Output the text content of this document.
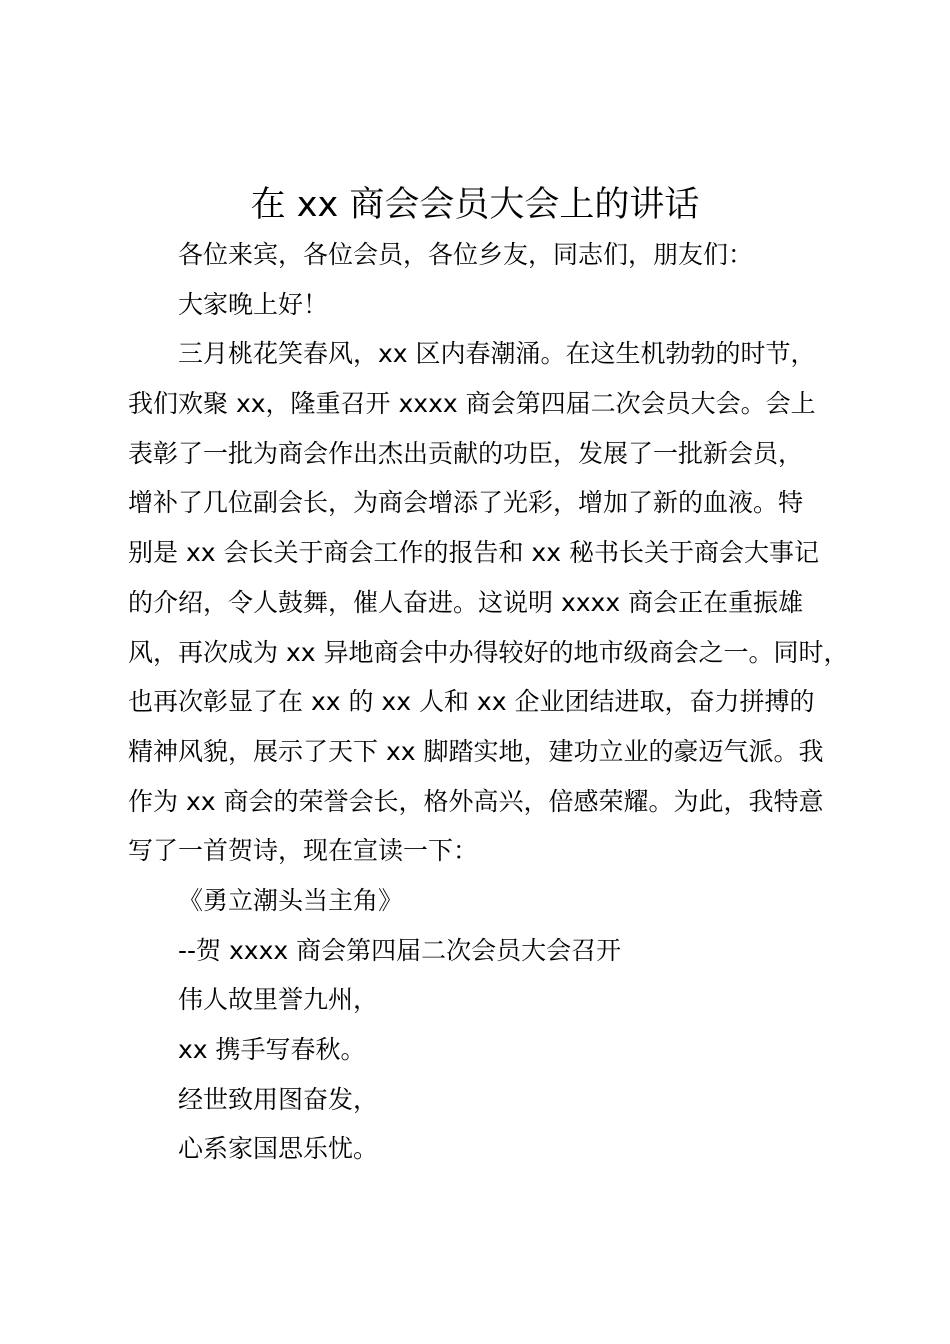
在 xx 商会会员大会上的讲话
各位来宾，各位会员，各位乡友，同志们，朋友们：
大家晚上好！
三月桃花笑春风，xx 区内春潮涌。在这生机勃勃的时节，
我们欢聚 xx，隆重召开 xxxx 商会第四届二次会员大会。会上
表彰了一批为商会作出杰出贡献的功臣，发展了一批新会员，
增补了几位副会长，为商会增添了光彩，增加了新的血液。特
别是 xx 会长关于商会工作的报告和 xx 秘书长关于商会大事记
的介绍，令人鼓舞，催人奋进。这说明 xxxx 商会正在重振雄
风，再次成为 xx 异地商会中办得较好的地市级商会之一。同时，
也再次彰显了在 xx 的 xx 人和 xx 企业团结进取，奋力拼搏的
精神风貌，展示了天下 xx 脚踏实地，建功立业的豪迈气派。我
作为 xx 商会的荣誉会长，格外高兴，倍感荣耀。为此，我特意
写了一首贺诗，现在宣读一下：
《勇立潮头当主角》
--贺 xxxx 商会第四届二次会员大会召开
伟人故里誉九州，
xx 携手写春秋。
经世致用图奋发，
心系家国思乐忧。
